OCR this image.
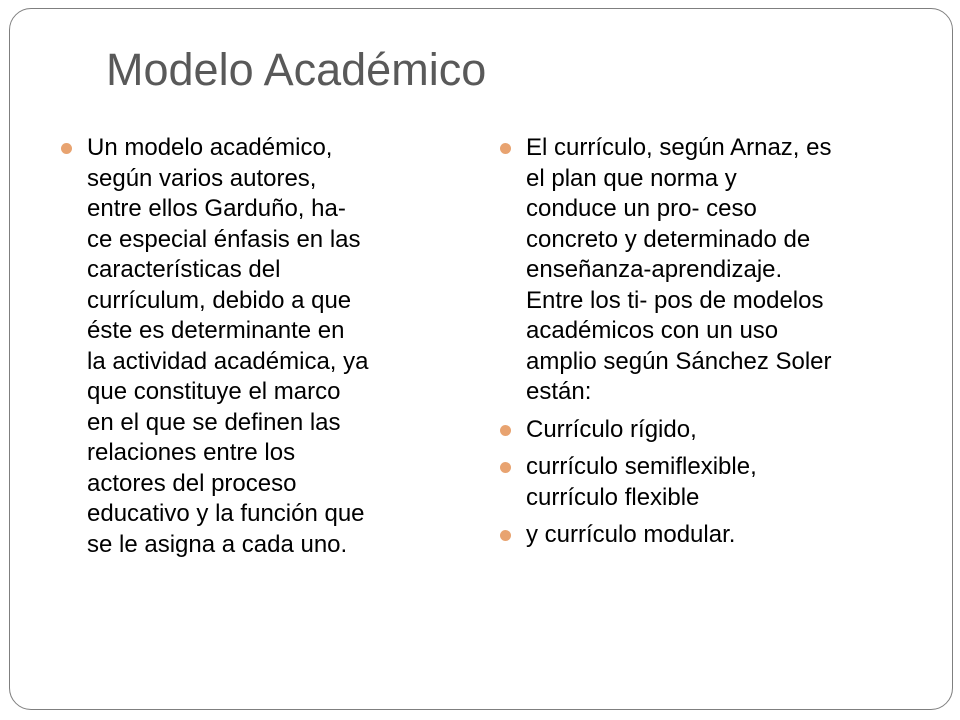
Modelo Académico
Un modelo académico,
según varios autores,
entre ellos Garduño, ha-
ce especial énfasis en las
características del
currículum, debido a que
éste es determinante en
la actividad académica, ya
que constituye el marco
en el que se definen las
relaciones entre los
actores del proceso
educativo y la función que
se le asigna a cada uno.
El currículo, según Arnaz, es
el plan que norma y
conduce un pro- ceso
concreto y determinado de
enseñanza-aprendizaje.
Entre los ti- pos de modelos
académicos con un uso
amplio según Sánchez Soler
están:
Currículo rígido,
currículo semiflexible,
currículo flexible
y currículo modular.
